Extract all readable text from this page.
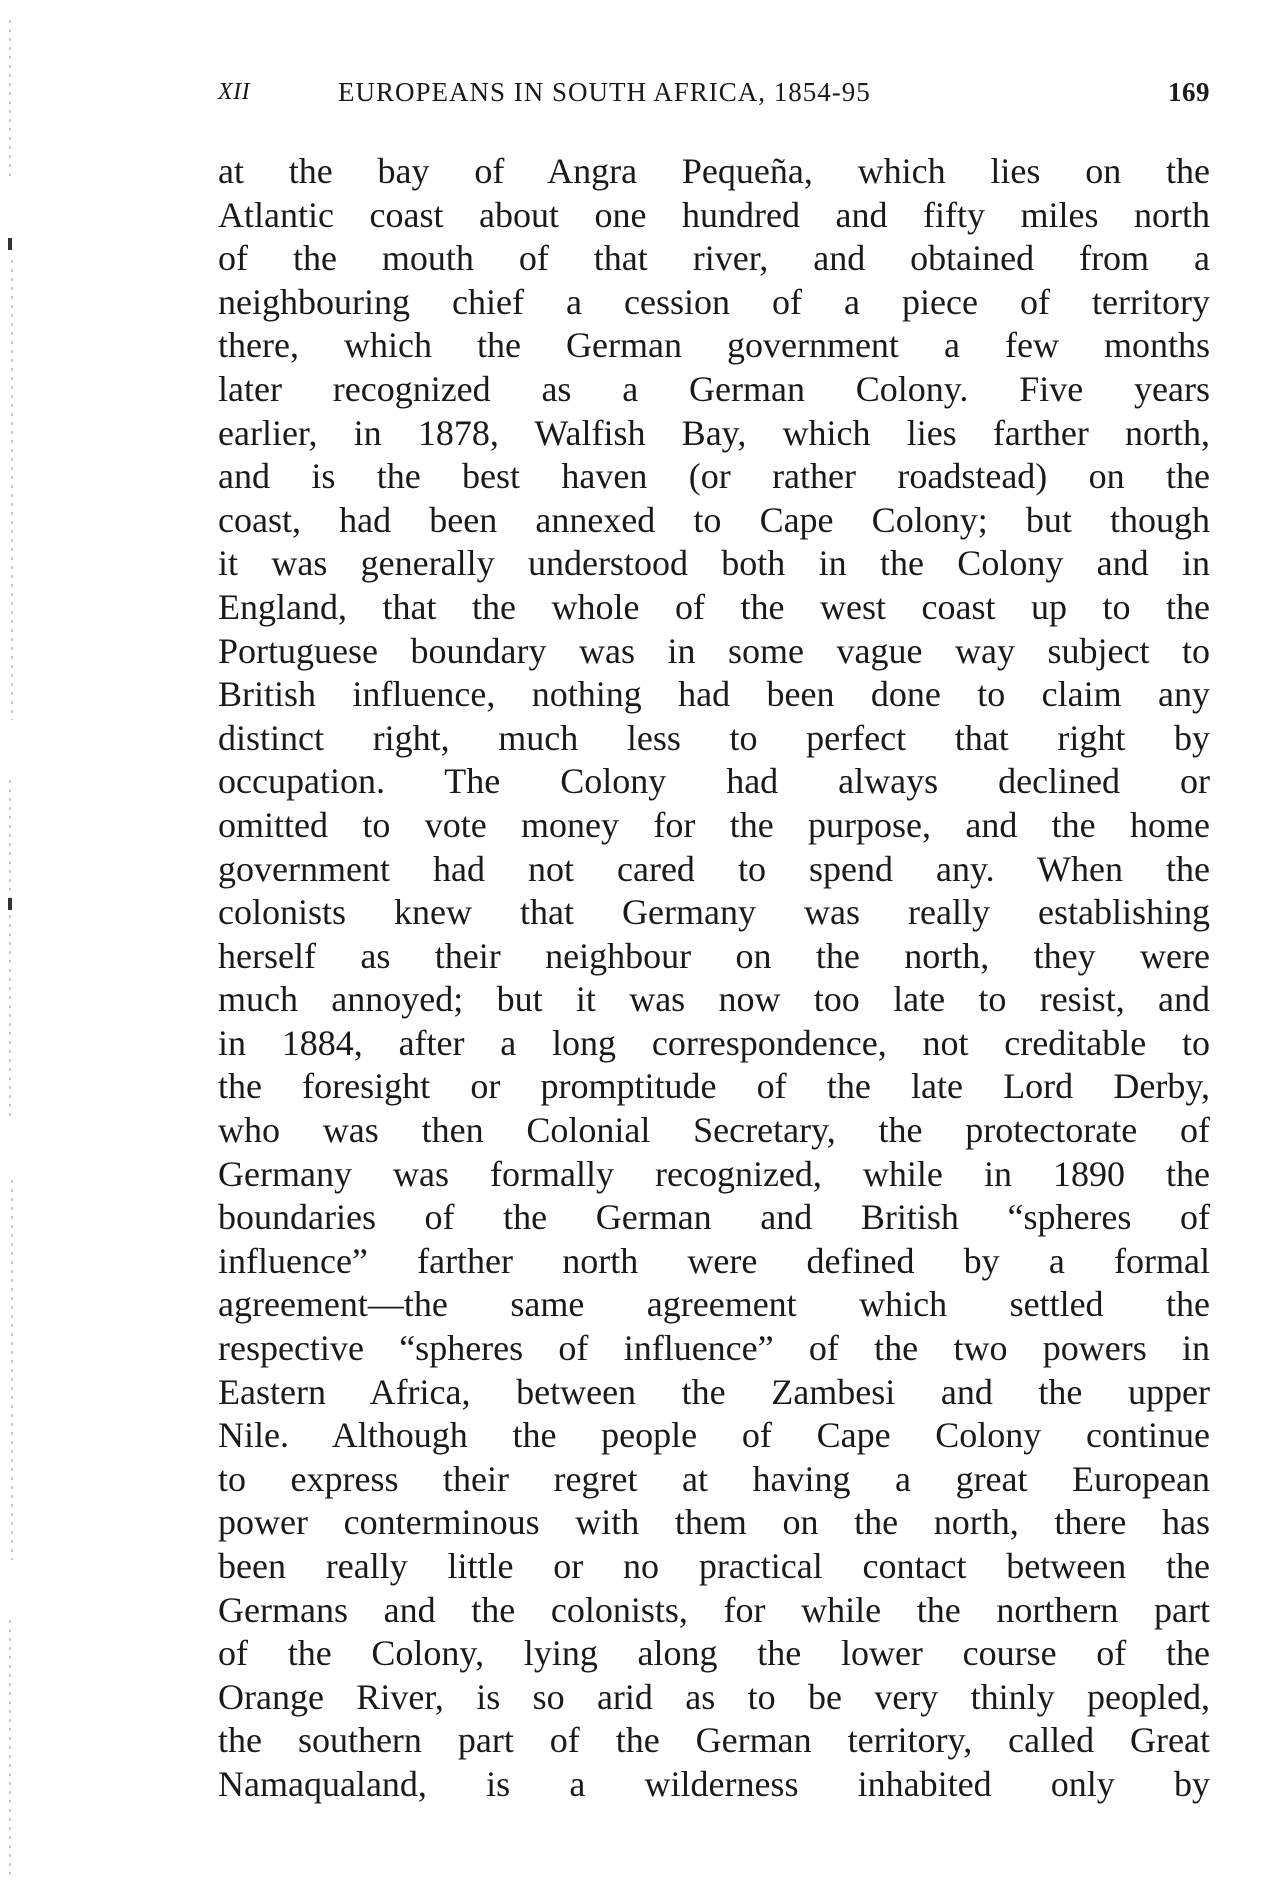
XII	EUROPEANS IN SOUTH AFRICA, 1854-95	169
at the bay of Angra Pequeña, which lies on the
Atlantic coast about one hundred and fifty miles north
of the mouth of that river, and obtained from a
neighbouring chief a cession of a piece of territory
there, which the German government a few months
later recognized as a German Colony. Five years
earlier, in 1878, Walfish Bay, which lies farther north,
and is the best haven (or rather roadstead) on the
coast, had been annexed to Cape Colony; but though
it was generally understood both in the Colony and in
England, that the whole of the west coast up to the
Portuguese boundary was in some vague way subject to
British influence, nothing had been done to claim any
distinct right, much less to perfect that right by
occupation. The Colony had always declined or
omitted to vote money for the purpose, and the home
government had not cared to spend any. When the
colonists knew that Germany was really establishing
herself as their neighbour on the north, they were
much annoyed; but it was now too late to resist, and
in 1884, after a long correspondence, not creditable to
the foresight or promptitude of the late Lord Derby,
who was then Colonial Secretary, the protectorate of
Germany was formally recognized, while in 1890 the
boundaries of the German and British “spheres of
influence” farther north were defined by a formal
agreement—the same agreement which settled the
respective “spheres of influence” of the two powers in
Eastern Africa, between the Zambesi and the upper
Nile. Although the people of Cape Colony continue
to express their regret at having a great European
power conterminous with them on the north, there has
been really little or no practical contact between the
Germans and the colonists, for while the northern part
of the Colony, lying along the lower course of the
Orange River, is so arid as to be very thinly peopled,
the southern part of the German territory, called Great
Namaqualand, is a wilderness inhabited only by
